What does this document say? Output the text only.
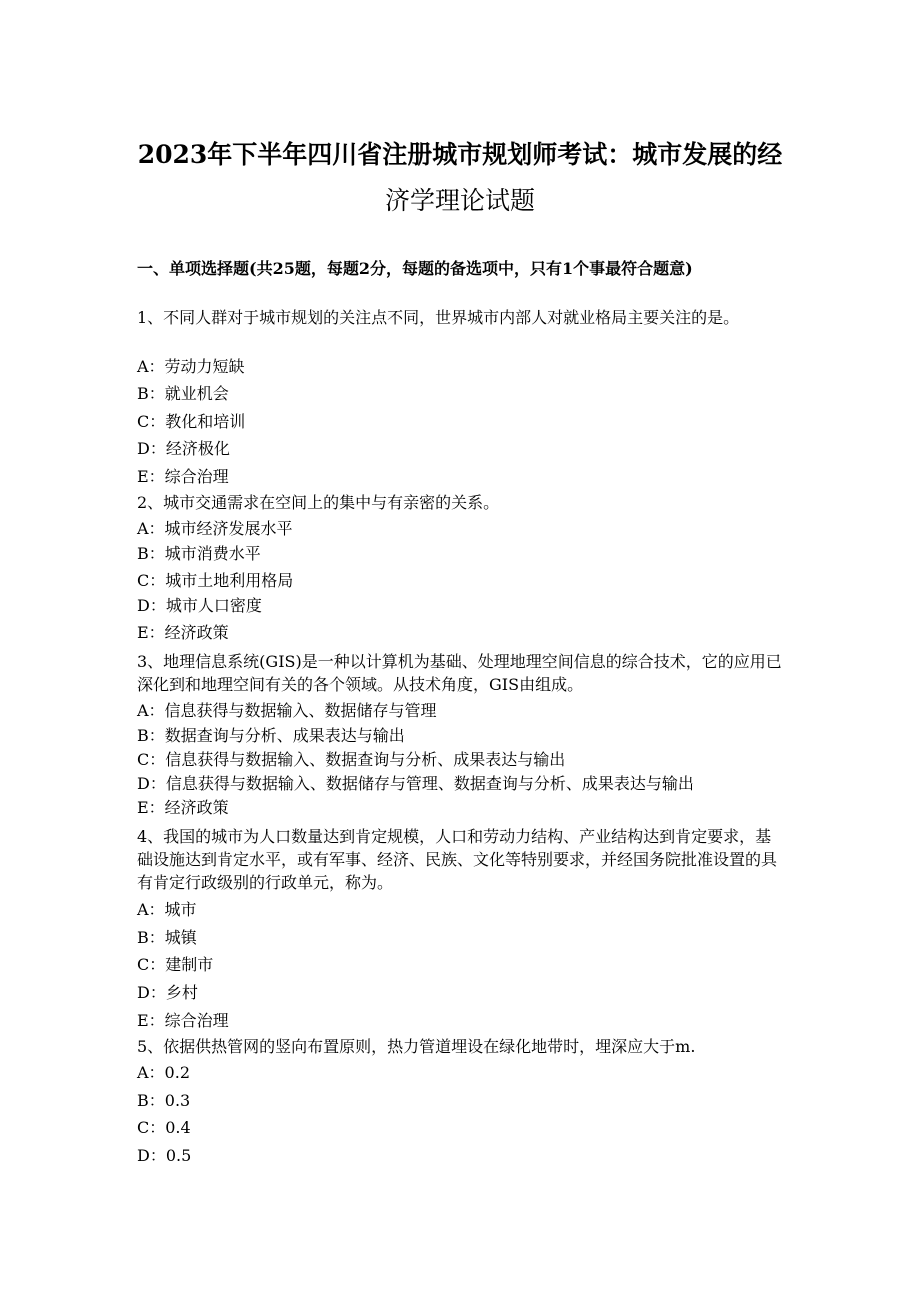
2023年下半年四川省注册城市规划师考试：城市发展的经
济学理论试题
一、单项选择题(共25题，每题2分，每题的备选项中，只有1个事最符合题意)
1、不同人群对于城市规划的关注点不同，世界城市内部人对就业格局主要关注的是。
A：劳动力短缺
B：就业机会
C：教化和培训
D：经济极化
E：综合治理
2、城市交通需求在空间上的集中与有亲密的关系。
A：城市经济发展水平
B：城市消费水平
C：城市土地利用格局
D：城市人口密度
E：经济政策
3、地理信息系统(GIS)是一种以计算机为基础、处理地理空间信息的综合技术，它的应用已深化到和地理空间有关的各个领域。从技术角度，GIS由组成。
A：信息获得与数据输入、数据储存与管理
B：数据查询与分析、成果表达与输出
C：信息获得与数据输入、数据查询与分析、成果表达与输出
D：信息获得与数据输入、数据储存与管理、数据查询与分析、成果表达与输出
E：经济政策
4、我国的城市为人口数量达到肯定规模，人口和劳动力结构、产业结构达到肯定要求，基础设施达到肯定水平，或有军事、经济、民族、文化等特别要求，并经国务院批准设置的具有肯定行政级别的行政单元，称为。
A：城市
B：城镇
C：建制市
D：乡村
E：综合治理
5、依据供热管网的竖向布置原则，热力管道埋设在绿化地带时，埋深应大于m.
A：0.2
B：0.3
C：0.4
D：0.5
